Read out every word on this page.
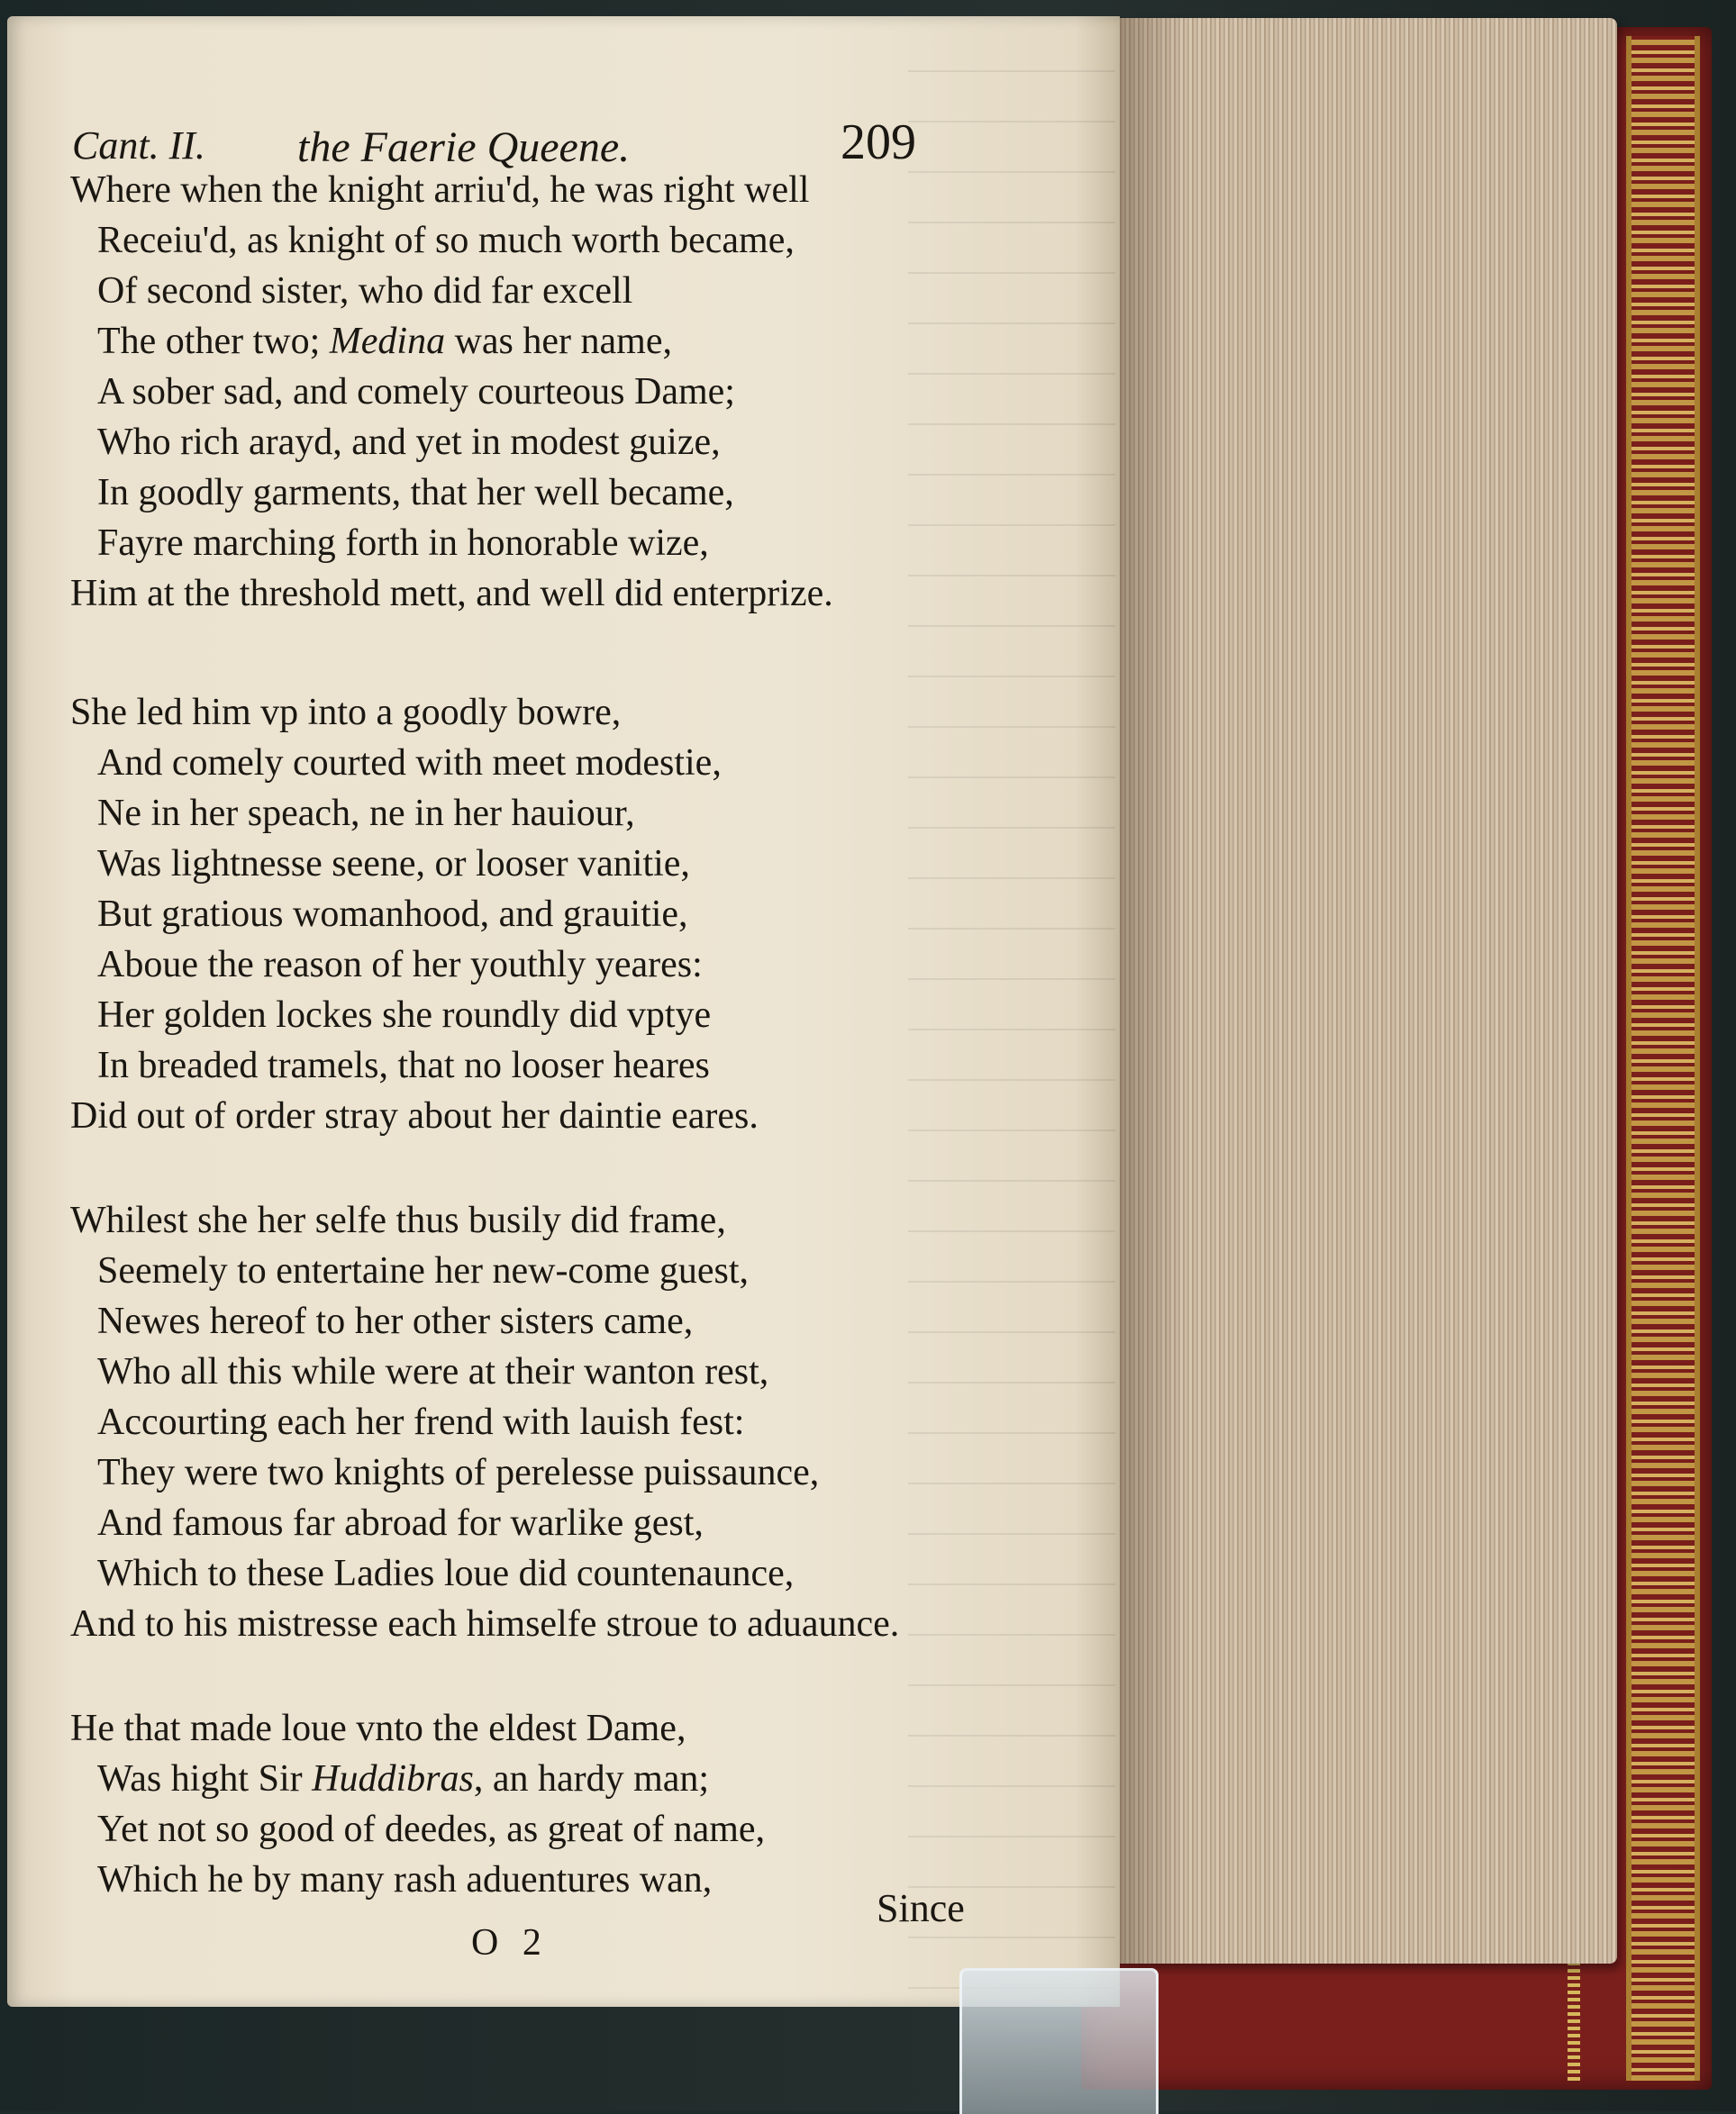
Cant. II. the Faerie Queene.	209

Where when the knight arriu'd, he was right well

Receiu'd, as knight of so much worth became,

Of second sister, who did far excell

The other two; Medina was her name,

A sober sad, and comely courteous Dame;

Who rich arayd, and yet in modest guize,

In goodly garments, that her well became,

Fayre marching forth in honorable wize,

Him at the threshold mett, and well did enterprize.

She led him vp into a goodly bowre,

And comely courted with meet modestie,

Ne in her speach, ne in her hauiour,

Was lightnesse seene, or looser vanitie,

But gratious womanhood, and grauitie,

Aboue the reason of her youthly yeares:

Her golden lockes she roundly did vptye

In breaded tramels, that no looser heares

Did out of order stray about her daintie eares.

Whilest she her selfe thus busily did frame,

Seemely to entertaine her new-come guest,

Newes hereof to her other sisters came,

Who all this while were at their wanton rest,

Accourting each her frend with lauish fest:

They were two knights of perelesse puissaunce,

And famous far abroad for warlike gest,

Which to these Ladies loue did countenaunce,

And to his mistresse each himselfe stroue to aduaunce.

He that made loue vnto the eldest Dame,

Was hight Sir Huddibras, an hardy man;

Yet not so good of deedes, as great of name,

Which he by many rash aduentures wan,

Since

O 2
